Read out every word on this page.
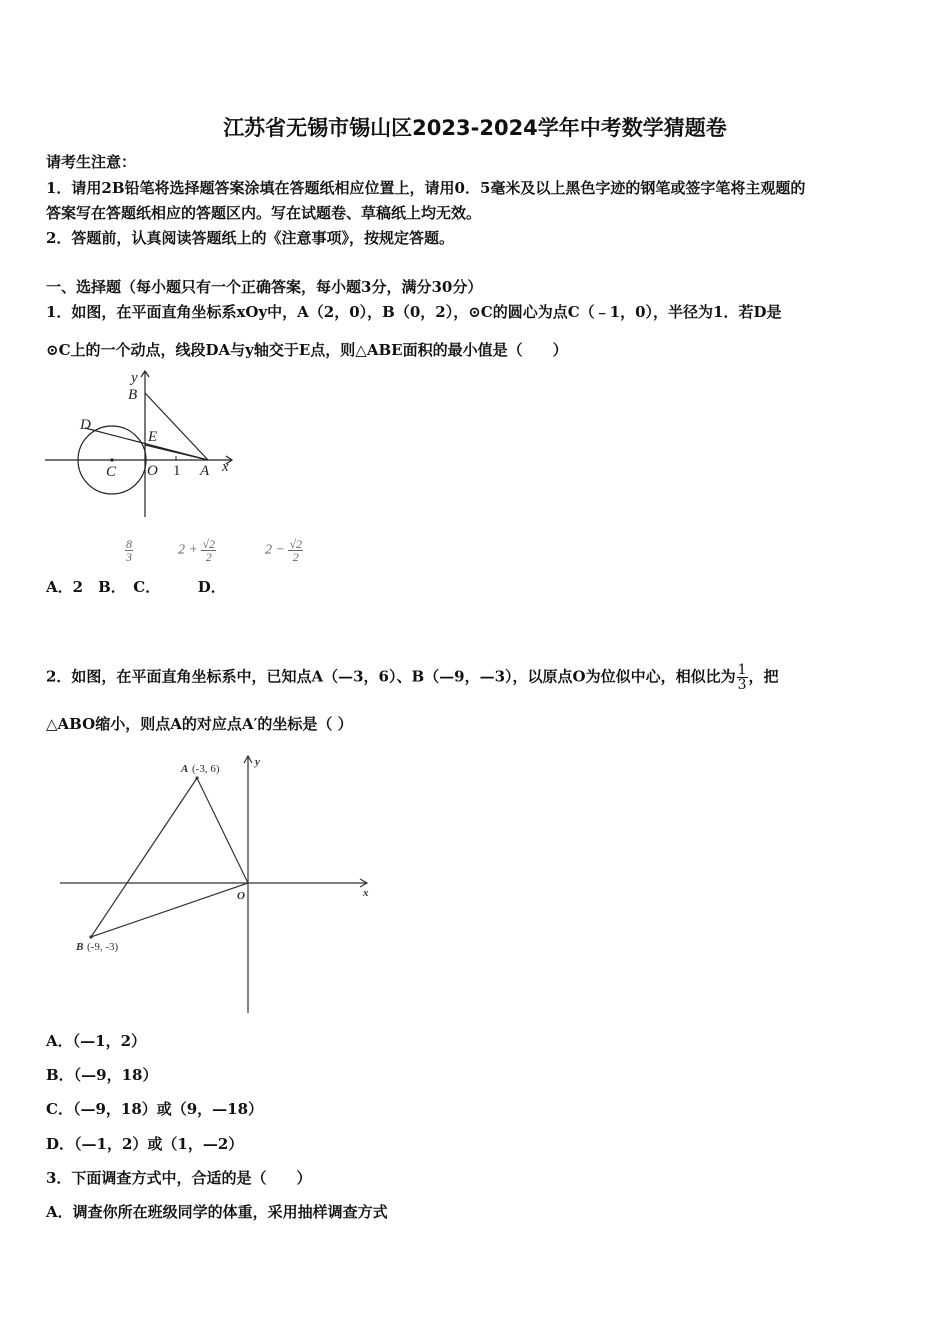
江苏省无锡市锡山区2023-2024学年中考数学猜题卷
请考生注意：
1．请用2B铅笔将选择题答案涂填在答题纸相应位置上，请用0．5毫米及以上黑色字迹的钢笔或签字笔将主观题的
答案写在答题纸相应的答题区内。写在试题卷、草稿纸上均无效。
2．答题前，认真阅读答题纸上的《注意事项》，按规定答题。
一、选择题（每小题只有一个正确答案，每小题3分，满分30分）
1．如图，在平面直角坐标系xOy中，A（2，0），B（0，2），⊙C的圆心为点C（﹣1，0），半径为1．若D是
⊙C上的一个动点，线段DA与y轴交于E点，则△ABE面积的最小值是（　　）
y
B
D
E
C O 1 A x
$\frac{8}{3}$	$2 + \frac{√2}{2}$	$2 - \frac{√2}{2}$
A．2　B．　C．　　　D．
2．如图，在平面直角坐标系中，已知点A（—3，6）、B（—9，—3），以原点O为位似中心，相似比为 $\frac{1}{3}$ ，把
△ABO缩小，则点A的对应点A′的坐标是（ ）
A (-3, 6)
y
O	x
B (-9, -3)
A．（—1，2）
B．（—9，18）
C．（—9，18）或（9，—18）
D．（—1，2）或（1，—2）
3．下面调查方式中，合适的是（　　）
A．调查你所在班级同学的体重，采用抽样调查方式
